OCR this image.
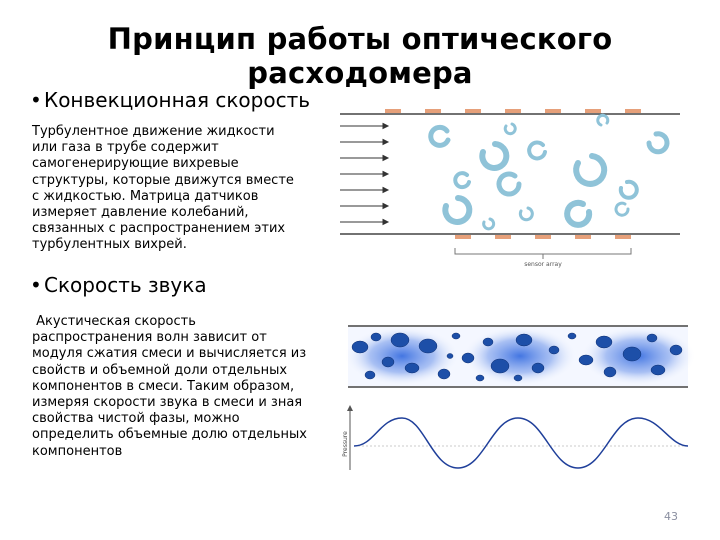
Принцип работы оптического расходомера
• Конвекционная скорость
Турбулентное движение жидкости или газа в трубе содержит самогенерирующие вихревые структуры, которые движутся вместе с жидкостью. Матрица датчиков измеряет давление колебаний, связанных с распространением этих турбулентных вихрей.
sensor array
• Скорость звука
Акустическая скорость распространения волн зависит от модуля сжатия смеси и вычисляется из свойств и объемной доли отдельных компонентов в смеси. Таким образом, измеряя скорости звука в смеси и зная свойства чистой фазы, можно определить объемные долю отдельных компонентов	Pressure
43
